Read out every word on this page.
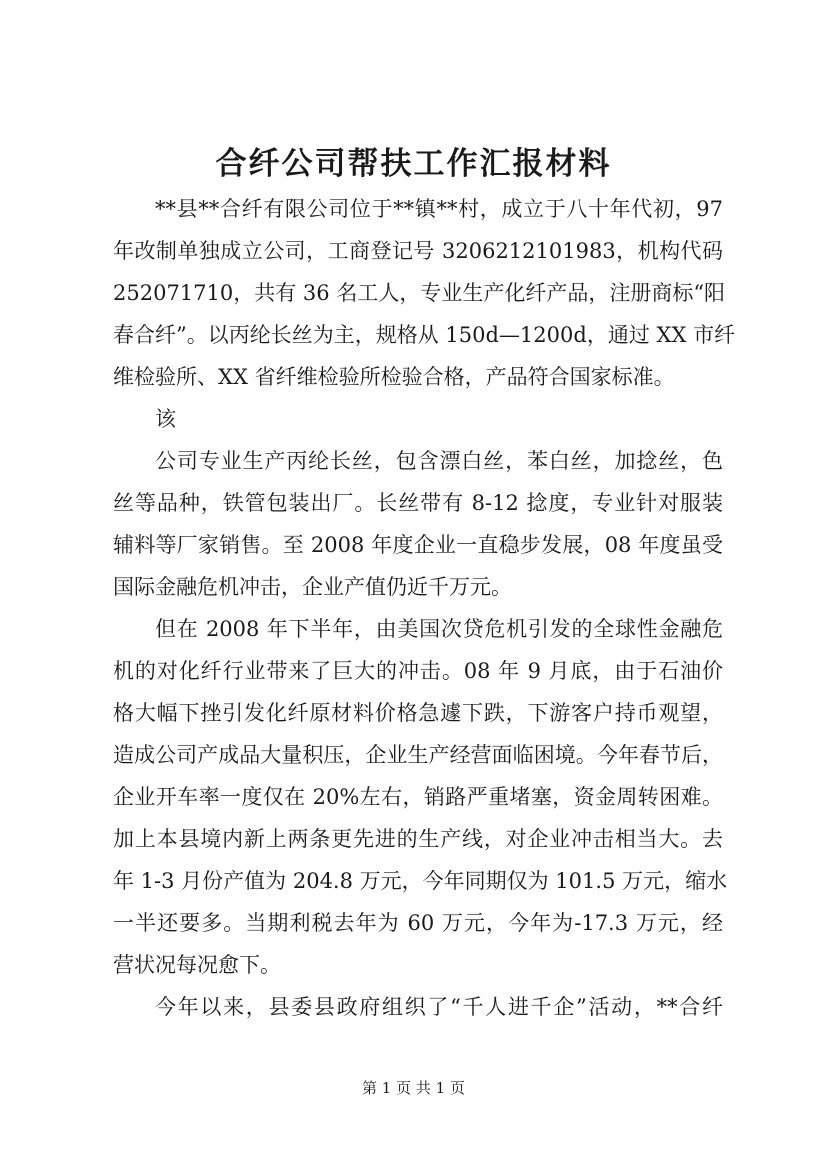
合纤公司帮扶工作汇报材料
**县**合纤有限公司位于**镇**村，成立于八十年代初，97
年改制单独成立公司，工商登记号 3206212101983，机构代码
252071710，共有 36 名工人，专业生产化纤产品，注册商标“阳
春合纤”。以丙纶长丝为主，规格从 150d—1200d，通过 XX 市纤
维检验所、XX 省纤维检验所检验合格，产品符合国家标准。
该
公司专业生产丙纶长丝，包含漂白丝，苯白丝，加捻丝，色
丝等品种，铁管包装出厂。长丝带有 8-12 捻度，专业针对服装
辅料等厂家销售。至 2008 年度企业一直稳步发展，08 年度虽受
国际金融危机冲击，企业产值仍近千万元。
但在 2008 年下半年，由美国次贷危机引发的全球性金融危
机的对化纤行业带来了巨大的冲击。08 年 9 月底，由于石油价
格大幅下挫引发化纤原材料价格急遽下跌，下游客户持币观望，
造成公司产成品大量积压，企业生产经营面临困境。今年春节后，
企业开车率一度仅在 20%左右，销路严重堵塞，资金周转困难。
加上本县境内新上两条更先进的生产线，对企业冲击相当大。去
年 1-3 月份产值为 204.8 万元，今年同期仅为 101.5 万元，缩水
一半还要多。当期利税去年为 60 万元，今年为-17.3 万元，经
营状况每况愈下。
今年以来，县委县政府组织了“千人进千企”活动，**合纤
第 1 页 共 1 页
